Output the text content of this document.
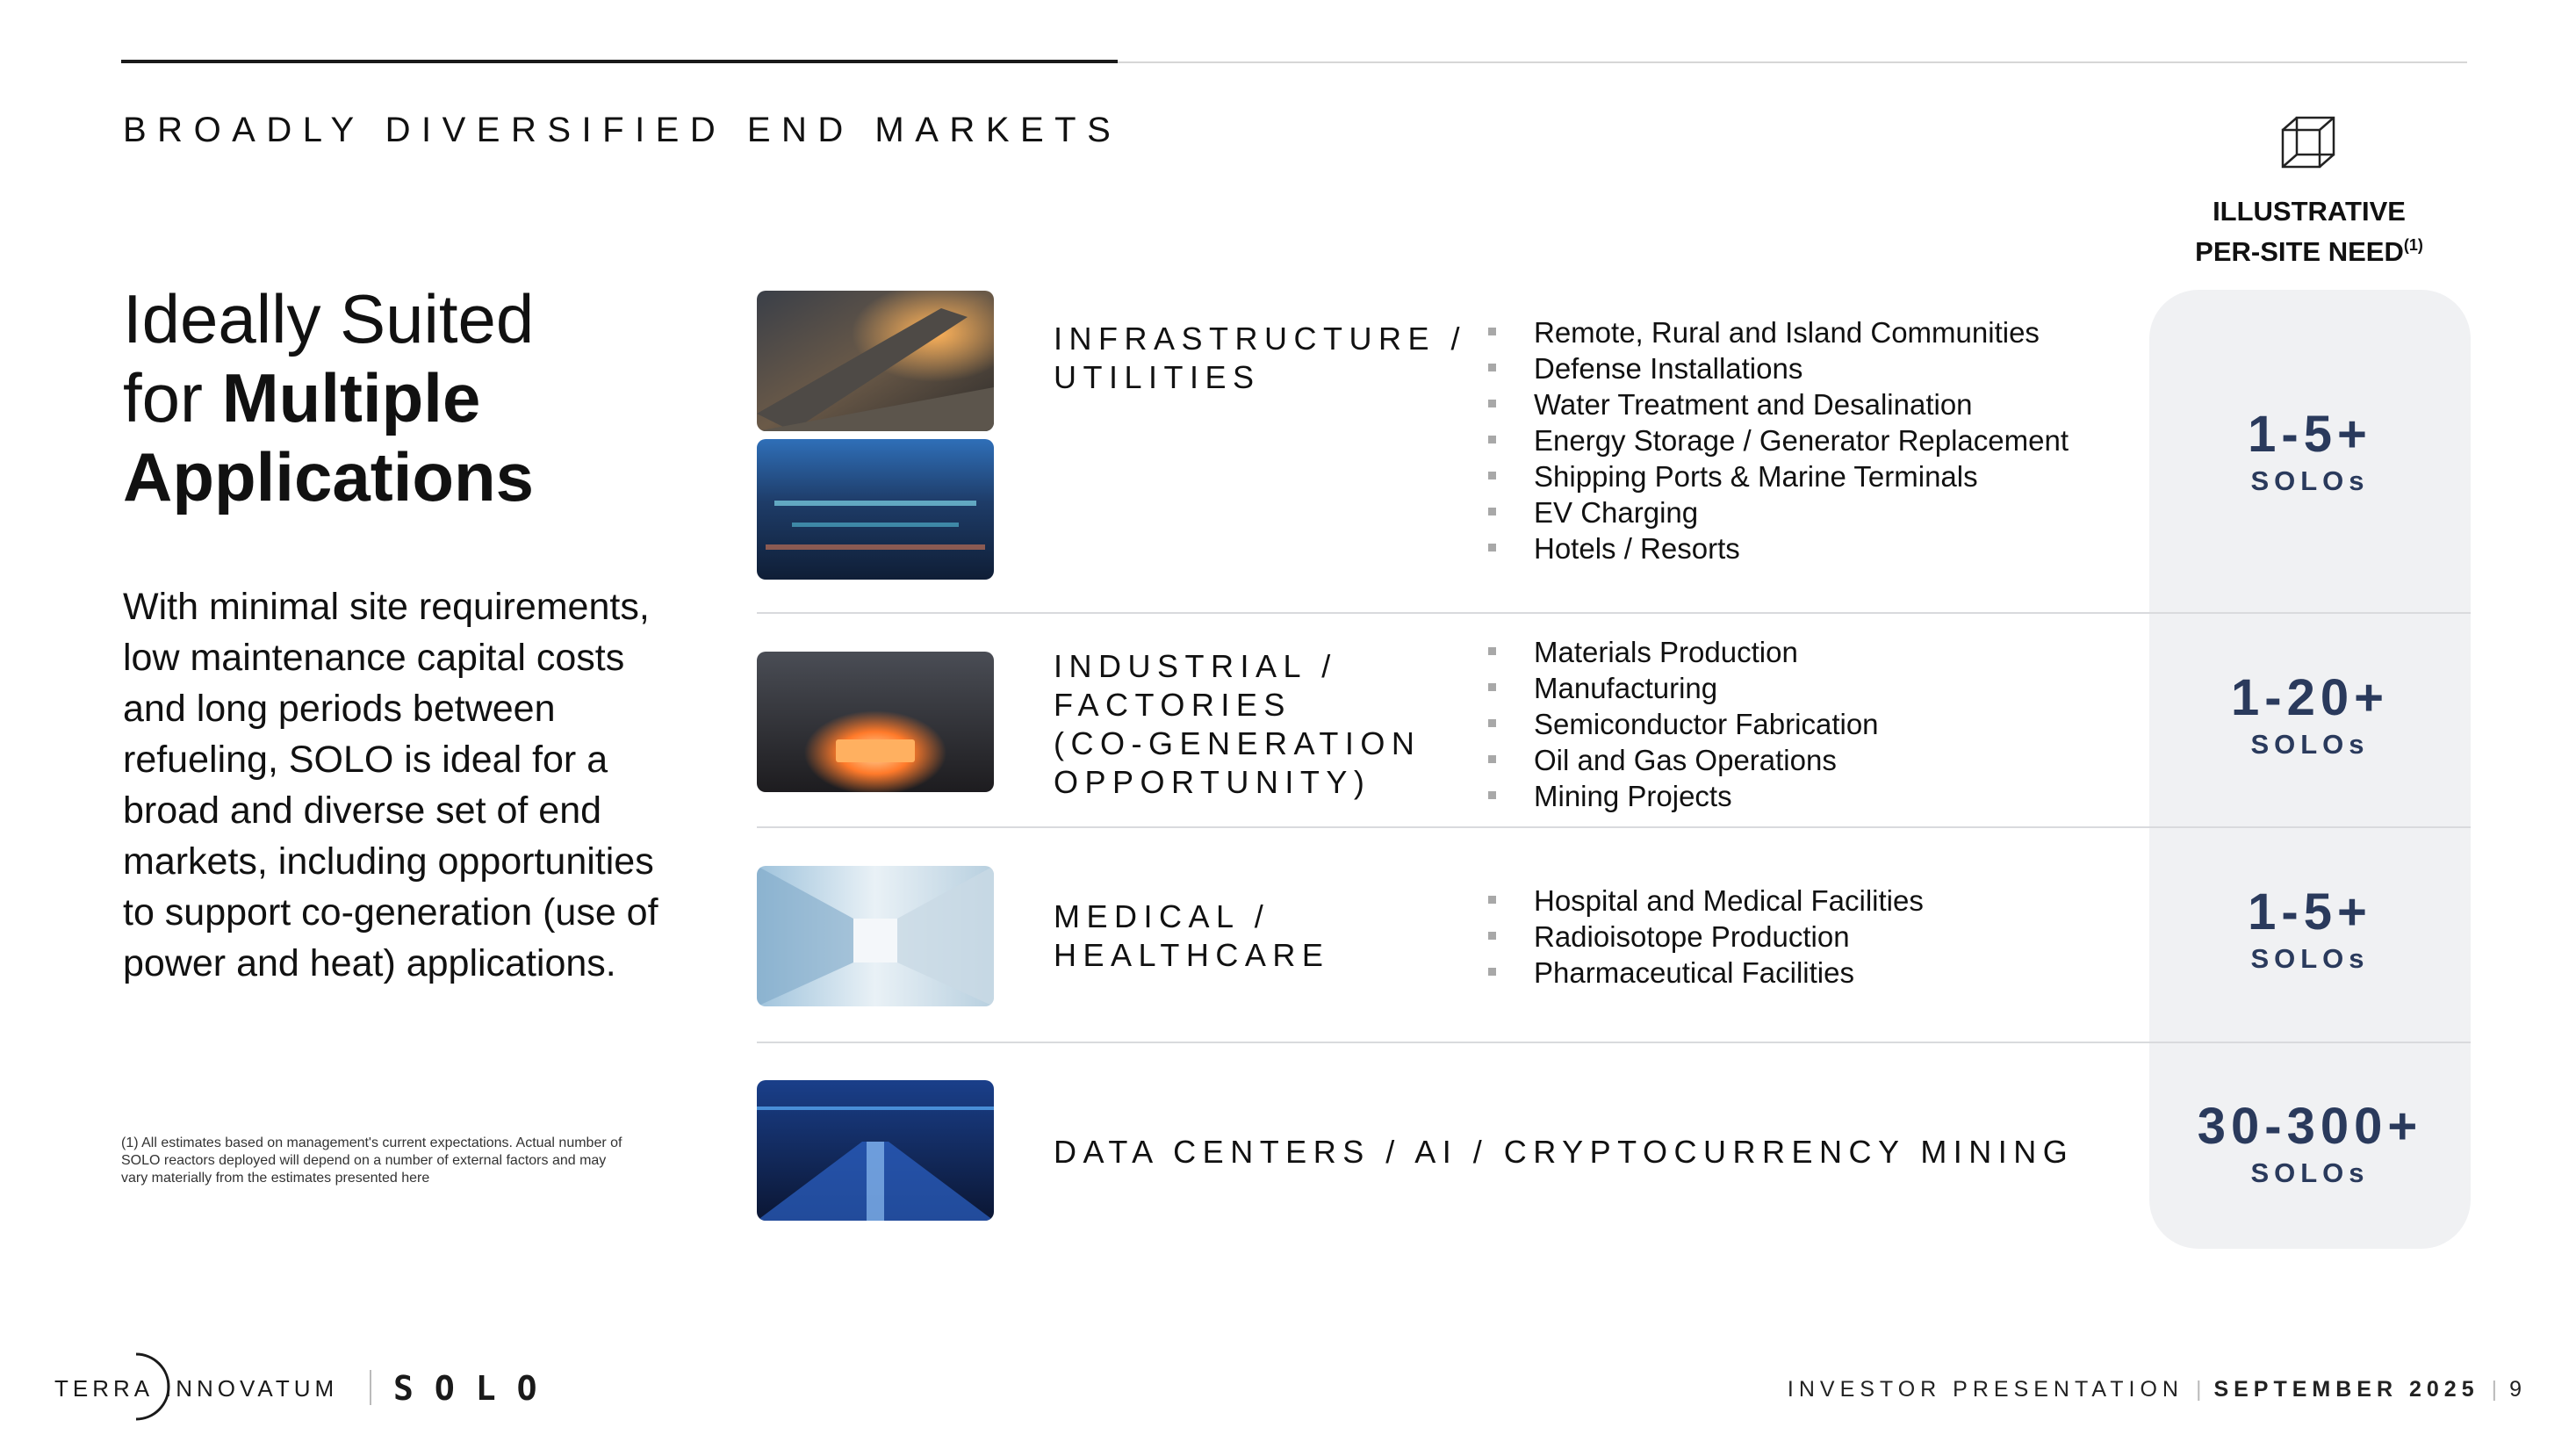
BROADLY DIVERSIFIED END MARKETS
Ideally Suited
for Multiple
Applications
With minimal site requirements, low maintenance capital costs and long periods between refueling, SOLO is ideal for a broad and diverse set of end markets, including opportunities to support co-generation (use of power and heat) applications.
(1) All estimates based on management's current expectations. Actual number of SOLO reactors deployed will depend on a number of external factors and may vary materially from the estimates presented here
ILLUSTRATIVE
PER-SITE NEED$^{(1)}$
INFRASTRUCTURE /
UTILITIES
Remote, Rural and Island Communities
Defense Installations
Water Treatment and Desalination
Energy Storage / Generator Replacement
Shipping Ports & Marine Terminals
EV Charging
Hotels / Resorts
1-5+
SOLOs
INDUSTRIAL /
FACTORIES
(CO-GENERATION
OPPORTUNITY)
Materials Production
Manufacturing
Semiconductor Fabrication
Oil and Gas Operations
Mining Projects
1-20+
SOLOs
MEDICAL /
HEALTHCARE
Hospital and Medical Facilities
Radioisotope Production
Pharmaceutical Facilities
1-5+
SOLOs
DATA CENTERS / AI / CRYPTOCURRENCY MINING	30-300+
SOLOs
TERRA INNOVATUM SOLO	INVESTOR PRESENTATION | SEPTEMBER 2025 | 9
